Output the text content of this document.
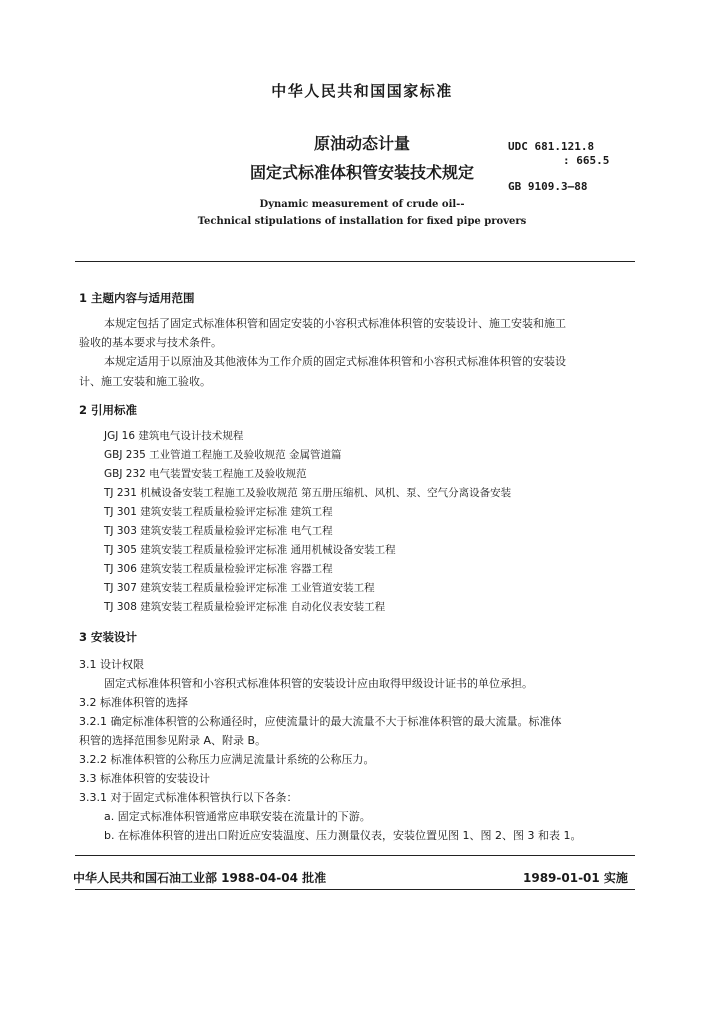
中华人民共和国国家标准
原油动态计量
固定式标准体积管安装技术规定
UDC 681.121.8
: 665.5
GB 9109.3—88
Dynamic measurement of crude oil--
Technical stipulations of installation for fixed pipe provers
1 主题内容与适用范围
本规定包括了固定式标准体积管和固定安装的小容积式标准体积管的安装设计、施工安装和施工
验收的基本要求与技术条件。
本规定适用于以原油及其他液体为工作介质的固定式标准体积管和小容积式标准体积管的安装设
计、施工安装和施工验收。
2 引用标准
JGJ 16 建筑电气设计技术规程
GBJ 235 工业管道工程施工及验收规范 金属管道篇
GBJ 232 电气装置安装工程施工及验收规范
TJ 231 机械设备安装工程施工及验收规范 第五册压缩机、风机、泵、空气分离设备安装
TJ 301 建筑安装工程质量检验评定标准 建筑工程
TJ 303 建筑安装工程质量检验评定标准 电气工程
TJ 305 建筑安装工程质量检验评定标准 通用机械设备安装工程
TJ 306 建筑安装工程质量检验评定标准 容器工程
TJ 307 建筑安装工程质量检验评定标准 工业管道安装工程
TJ 308 建筑安装工程质量检验评定标准 自动化仪表安装工程
3 安装设计
3.1 设计权限
固定式标准体积管和小容积式标准体积管的安装设计应由取得甲级设计证书的单位承担。
3.2 标准体积管的选择
3.2.1 确定标准体积管的公称通径时，应使流量计的最大流量不大于标准体积管的最大流量。标准体
积管的选择范围参见附录 A、附录 B。
3.2.2 标准体积管的公称压力应满足流量计系统的公称压力。
3.3 标准体积管的安装设计
3.3.1 对于固定式标准体积管执行以下各条：
a. 固定式标准体积管通常应串联安装在流量计的下游。
b. 在标准体积管的进出口附近应安装温度、压力测量仪表，安装位置见图 1、图 2、图 3 和表 1。
中华人民共和国石油工业部 1988-04-04 批准	1989-01-01 实施
